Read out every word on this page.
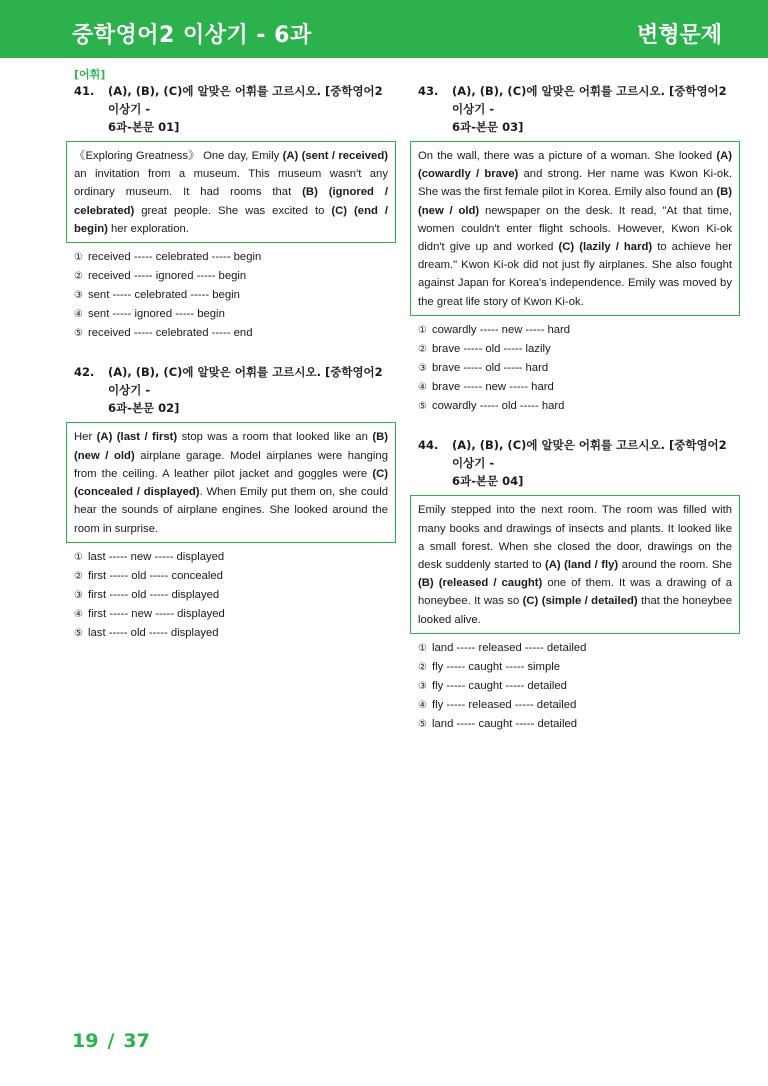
중학영어2 이상기 - 6과	변형문제
[어휘]
41. (A), (B), (C)에 알맞은 어휘를 고르시오. [중학영어2 이상기 -
6과-본문 01]
《Exploring Greatness》 One day, Emily (A) (sent / received) an invitation from a museum. This museum wasn't any ordinary museum. It had rooms that (B) (ignored / celebrated) great people. She was excited to (C) (end / begin) her exploration.
① received ----- celebrated ----- begin
② received ----- ignored ----- begin
③ sent ----- celebrated ----- begin
④ sent ----- ignored ----- begin
⑤ received ----- celebrated ----- end
42. (A), (B), (C)에 알맞은 어휘를 고르시오. [중학영어2 이상기 -
6과-본문 02]
Her (A) (last / first) stop was a room that looked like an (B) (new / old) airplane garage. Model airplanes were hanging from the ceiling. A leather pilot jacket and goggles were (C) (concealed / displayed). When Emily put them on, she could hear the sounds of airplane engines. She looked around the room in surprise.
① last ----- new ----- displayed
② first ----- old ----- concealed
③ first ----- old ----- displayed
④ first ----- new ----- displayed
⑤ last ----- old ----- displayed
43. (A), (B), (C)에 알맞은 어휘를 고르시오. [중학영어2 이상기 -
6과-본문 03]
On the wall, there was a picture of a woman. She looked (A) (cowardly / brave) and strong. Her name was Kwon Ki-ok. She was the first female pilot in Korea. Emily also found an (B) (new / old) newspaper on the desk. It read, "At that time, women couldn't enter flight schools. However, Kwon Ki-ok didn't give up and worked (C) (lazily / hard) to achieve her dream." Kwon Ki-ok did not just fly airplanes. She also fought against Japan for Korea's independence. Emily was moved by the great life story of Kwon Ki-ok.
① cowardly ----- new ----- hard
② brave ----- old ----- lazily
③ brave ----- old ----- hard
④ brave ----- new ----- hard
⑤ cowardly ----- old ----- hard
44. (A), (B), (C)에 알맞은 어휘를 고르시오. [중학영어2 이상기 -
6과-본문 04]
Emily stepped into the next room. The room was filled with many books and drawings of insects and plants. It looked like a small forest. When she closed the door, drawings on the desk suddenly started to (A) (land / fly) around the room. She (B) (released / caught) one of them. It was a drawing of a honeybee. It was so (C) (simple / detailed) that the honeybee looked alive.
① land ----- released ----- detailed
② fly ----- caught ----- simple
③ fly ----- caught ----- detailed
④ fly ----- released ----- detailed
⑤ land ----- caught ----- detailed
19 / 37
